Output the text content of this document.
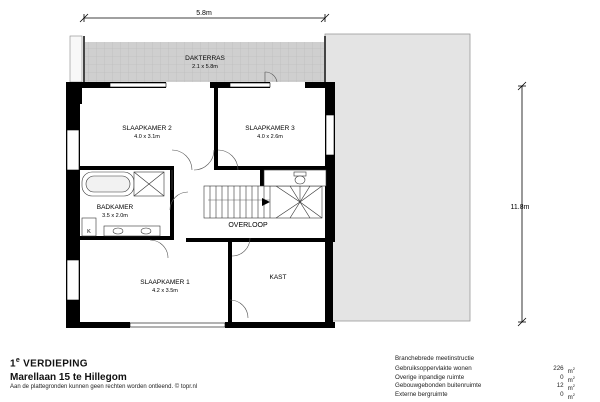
5.8m
11.8m
DAKTERRAS
2.1 x 5.8m
SLAAPKAMER 2
4.0 x 3.1m
SLAAPKAMER 3
4.0 x 2.6m
BADKAMER
3.5 x 2.0m
K
OVERLOOP
SLAAPKAMER 1
4.2 x 3.5m
KAST
1e VERDIEPING
Marellaan 15 te Hillegom
Aan de plattegronden kunnen geen rechten worden ontleend. © topr.nl
Branchebrede meetinstructie
Gebruiksoppervlakte wonen	226 $m^2$
Overige inpandige ruimte	0 $m^2$
Gebouwgebonden buitenruimte	12 $m^2$
Externe bergruimte	0 $m^2$
